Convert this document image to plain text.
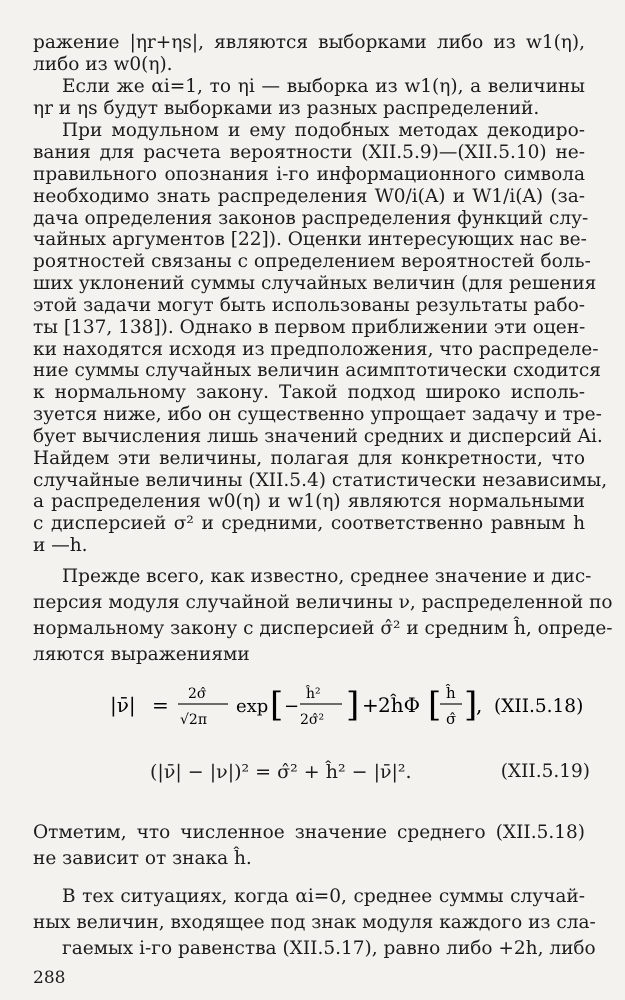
ражение |ηr+ηs|, являются выборками либо из w1(η),
либо из w0(η).
Если же αi=1, то ηi — выборка из w1(η), а величины
ηr и ηs будут выборками из разных распределений.
При модульном и ему подобных методах декодиро-
вания для расчета вероятности (XII.5.9)—(XII.5.10) не-
правильного опознания i-го информационного символа
необходимо знать распределения W0/i(A) и W1/i(A) (за-
дача определения законов распределения функций слу-
чайных аргументов [22]). Оценки интересующих нас ве-
роятностей связаны с определением вероятностей боль-
ших уклонений суммы случайных величин (для решения
этой задачи могут быть использованы результаты рабо-
ты [137, 138]). Однако в первом приближении эти оцен-
ки находятся исходя из предположения, что распределе-
ние суммы случайных величин асимптотически сходится
к нормальному закону. Такой подход широко исполь-
зуется ниже, ибо он существенно упрощает задачу и тре-
бует вычисления лишь значений средних и дисперсий Ai.
Найдем эти величины, полагая для конкретности, что
случайные величины (XII.5.4) статистически независимы,
а распределения w0(η) и w1(η) являются нормальными
с дисперсией σ² и средними, соответственно равным h
и —h.
|ν̄| = 2σ̂
√2π
exp [ −
ĥ²
2σ̂² ] + 2ĥΦ [ ĥ
σ̂ ]
, (XII.5.18)
(|ν̄| − |ν|)² = σ̂² + ĥ² − |ν̄|².	(XII.5.19)
Отметим, что численное значение среднего (XII.5.18)
не зависит от знака ĥ.
В тех ситуациях, когда αi=0, среднее суммы случай-
ных величин, входящее под знак модуля каждого из сла-
гаемых i-го равенства (XII.5.17), равно либо +2h, либо
288
Прежде всего, как известно, среднее значение и дис-
персия модуля случайной величины ν, распределенной по
нормальному закону с дисперсией σ̂² и средним ĥ, опреде-
ляются выражениями
